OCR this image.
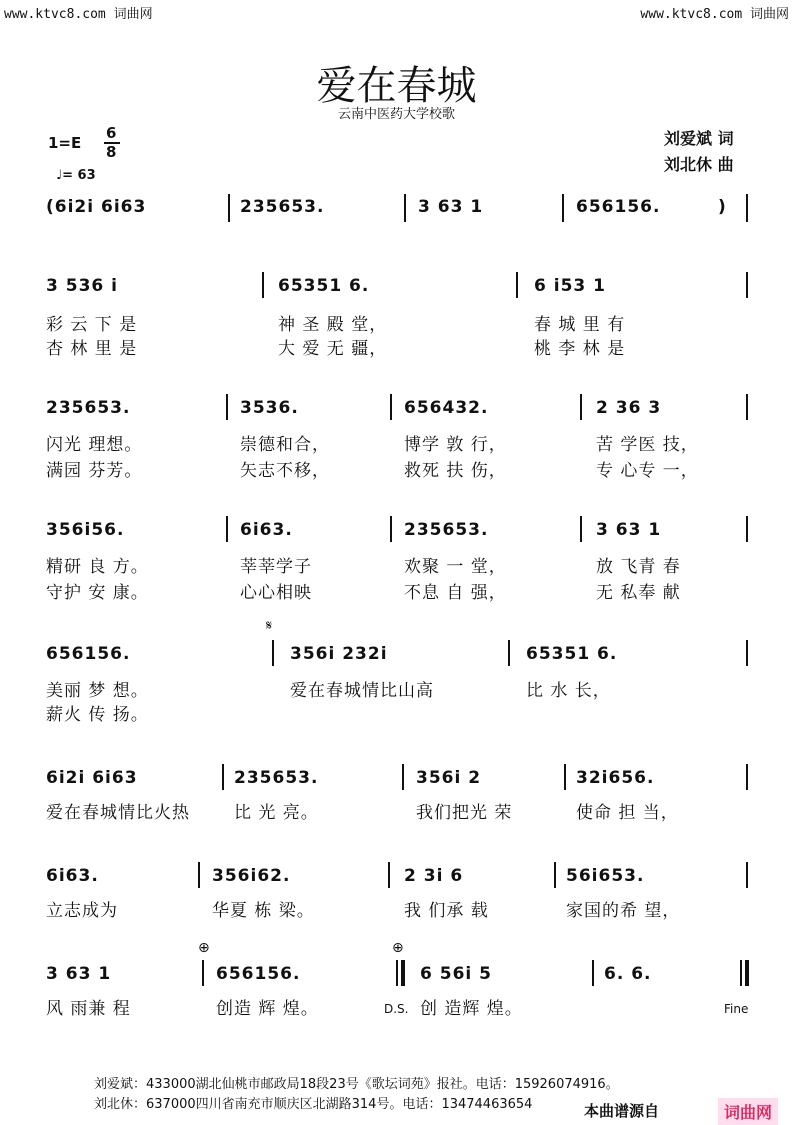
www.ktvc8.com 词曲网	www.ktvc8.com 词曲网
爱在春城
云南中医药大学校歌
1=E
6
8
♩= 63
刘爱斌 词
刘北休 曲
(6i2i 6i63	235653.	3 63 1	656156.	)
3 536 i	65351 6.	6 i53 1
彩 云 下 是	神 圣 殿 堂，	春 城 里 有
杏 林 里 是	大 爱 无 疆，	桃 李 林 是
235653.	3536.	656432.	2 36 3
闪光 理想。	崇德和合，	博学 敦 行，	苦 学医 技，
满园 芬芳。	矢志不移，	救死 扶 伤，	专 心专 一，
356i56.	6i63.	235653.	3 63 1
精研 良 方。	莘莘学子	欢聚 一 堂，	放 飞青 春
守护 安 康。	心心相映	不息 自 强，	无 私奉 献
𝄋
656156.	356i 232i	65351 6.
美丽 梦 想。	爱在春城情比山高	比 水 长，
薪火 传 扬。
6i2i 6i63	235653.	356i 2	32i656.
爱在春城情比火热	比 光 亮。	我们把光 荣	使命 担 当，
6i63.	356i62.	2 3i 6	56i653.
立志成为	华夏 栋 梁。	我 们承 载	家国的希 望，
⊕	⊕
3 63 1	656156.	6 56i 5	6. 6.
风 雨兼 程	创造 辉 煌。	D.S. 创 造辉 煌。	Fine
刘爱斌：433000湖北仙桃市邮政局18段23号《歌坛词苑》报社。电话：15926074916。
刘北休：637000四川省南充市顺庆区北湖路314号。电话：13474463654	本曲谱源自	词曲网
